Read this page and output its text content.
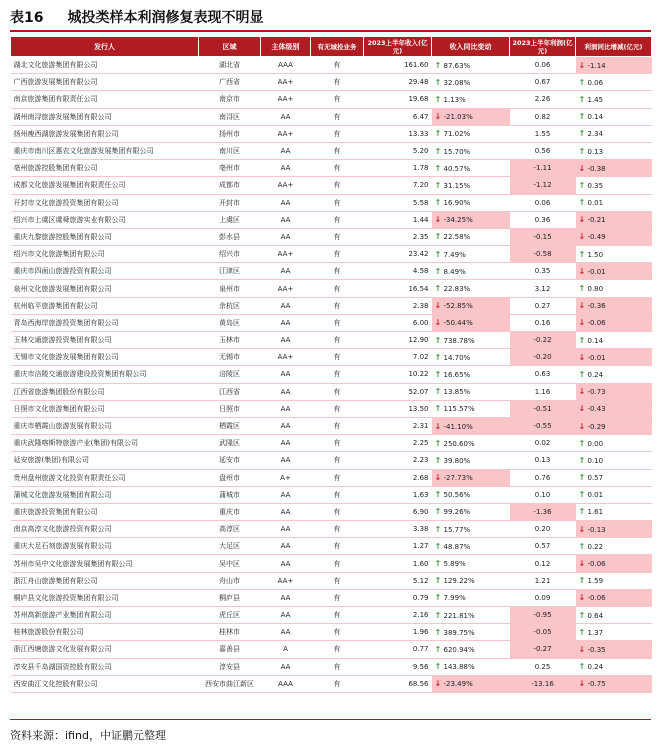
表16 城投类样本利润修复表现不明显
发行人	区域	主体级别	有无城投业务	2023上半年收入(亿元)	收入同比变动	2023上半年利润(亿元)	利润同比增减(亿元)
湖北文化旅游集团有限公司	湖北省	AAA	有	161.60	↑ 87.63%	0.06	↓ -1.14
广西旅游发展集团有限公司	广西省	AA+	有	29.48	↑ 32.08%	0.67	↑ 0.06
南京旅游集团有限责任公司	南京市	AA+	有	19.68	↑ 1.13%	2.26	↑ 1.45
湖州南浔旅游发展集团有限公司	南浔区	AA	有	6.47	↓ -21.03%	0.82	↑ 0.14
扬州瘦西湖旅游发展集团有限公司	扬州市	AA+	有	13.33	↑ 71.02%	1.55	↑ 2.34
重庆市南川区惠农文化旅游发展集团有限公司	南川区	AA	有	5.20	↑ 15.70%	0.56	↑ 0.13
亳州旅游控股集团有限公司	亳州市	AA	有	1.78	↑ 40.57%	-1.11	↓ -0.38
成都文化旅游发展集团有限责任公司	成都市	AA+	有	7.20	↑ 31.15%	-1.12	↑ 0.35
开封市文化旅游投资集团有限公司	开封市	AA	有	5.58	↑ 16.90%	0.06	↑ 0.01
绍兴市上虞区虞舜旅游实业有限公司	上虞区	AA	有	1.44	↓ -34.25%	0.36	↓ -0.21
重庆九黎旅游控股集团有限公司	彭水县	AA	有	2.35	↑ 22.58%	-0.15	↓ -0.49
绍兴市文化旅游集团有限公司	绍兴市	AA+	有	23.42	↑ 7.49%	-0.58	↑ 1.50
重庆市四面山旅游投资有限公司	江津区	AA	有	4.58	↑ 8.49%	0.35	↓ -0.01
泉州文化旅游发展集团有限公司	泉州市	AA+	有	16.54	↑ 22.83%	3.12	↑ 0.80
杭州临平旅游集团有限公司	余杭区	AA	有	2.38	↓ -52.85%	0.27	↓ -0.36
青岛西海岸旅游投资集团有限公司	黄岛区	AA	有	6.00	↓ -50.44%	0.16	↓ -0.06
玉林交通旅游投资集团有限公司	玉林市	AA	有	12.90	↑ 738.78%	-0.22	↑ 0.14
无锡市文化旅游发展集团有限公司	无锡市	AA+	有	7.02	↑ 14.70%	-0.20	↓ -0.01
重庆市涪陵交通旅游建设投资集团有限公司	涪陵区	AA	有	10.22	↑ 16.65%	0.63	↑ 0.24
江西省旅游集团股份有限公司	江西省	AA	有	52.07	↑ 13.85%	1.16	↓ -0.73
日照市文化旅游集团有限公司	日照市	AA	有	13.50	↑ 115.57%	-0.51	↓ -0.43
重庆市栖霞山旅游发展有限公司	栖霞区	AA	有	2.31	↓ -41.10%	-0.55	↓ -0.29
重庆武隆喀斯特旅游产业(集团)有限公司	武隆区	AA	有	2.25	↑ 250.60%	0.02	↑ 0.00
延安旅游(集团)有限公司	延安市	AA	有	2.23	↑ 39.80%	0.13	↑ 0.10
贵州盘州旅游文化投资有限责任公司	盘州市	A+	有	2.68	↓ -27.73%	0.76	↑ 0.57
蒲城文化旅游发展集团有限公司	蒲城市	AA	有	1.63	↑ 50.56%	0.10	↑ 0.01
重庆旅游投资集团有限公司	重庆市	AA	有	6.90	↑ 99.26%	-1.36	↑ 1.61
南京高淳文化旅游投资有限公司	高淳区	AA	有	3.38	↑ 15.77%	0.20	↓ -0.13
重庆大足石刻旅游发展有限公司	大足区	AA	有	1.27	↑ 48.87%	0.57	↑ 0.22
苏州市吴中文化旅游发展集团有限公司	吴中区	AA	有	1.60	↑ 5.89%	0.12	↓ -0.06
浙江舟山旅游集团有限公司	舟山市	AA+	有	5.12	↑ 129.22%	1.21	↑ 1.59
桐庐县文化旅游投资集团有限公司	桐庐县	AA	有	0.79	↑ 7.99%	0.09	↓ -0.06
苏州高新旅游产业集团有限公司	虎丘区	AA	有	2.16	↑ 221.81%	-0.95	↑ 0.64
桂林旅游股份有限公司	桂林市	AA	有	1.96	↑ 389.75%	-0.05	↑ 1.37
浙江西塘旅游文化发展有限公司	嘉善县	A	有	0.77	↑ 620.94%	-0.27	↓ -0.35
淳安县千岛湖国资控股有限公司	淳安县	AA	有	9.56	↑ 143.88%	0.25	↑ 0.24
西安曲江文化控股有限公司	西安市曲江新区	AAA	有	68.56	↓ -23.49%	-13.16	↓ -0.75
资料来源：ifind，中证鹏元整理
